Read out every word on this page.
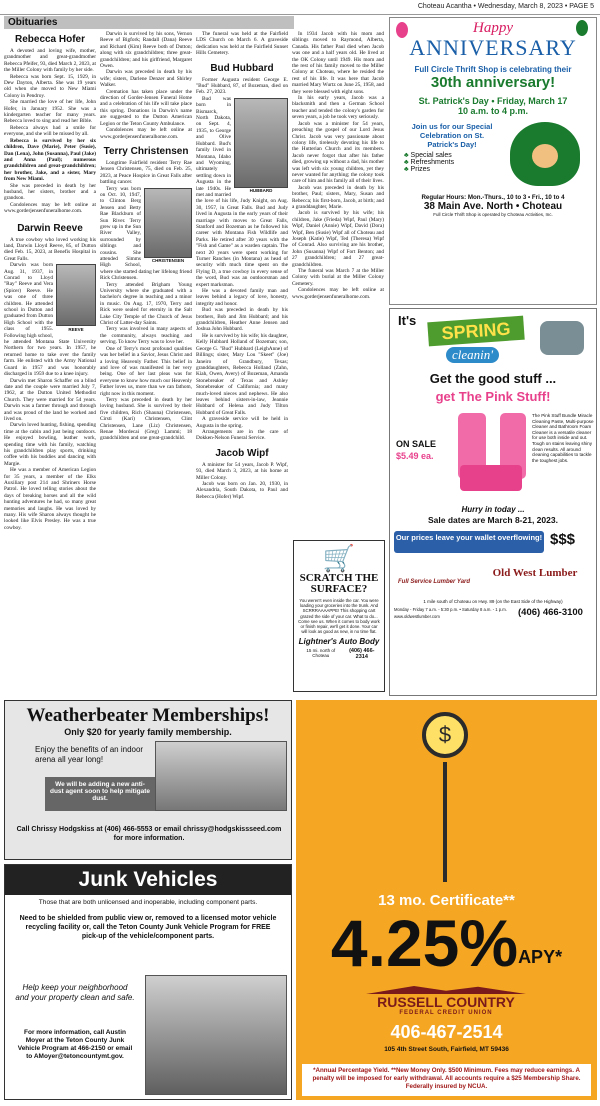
Choteau Acantha • Wednesday, March 8, 2023 • PAGE 5
Obituaries
Rebecca Hofer

A devoted and loving wife, mother, grandmother and great-grandmother Rebecca Pfeifer, 93, died March 2, 2023, at the Miller Colony with family by her side.

Rebecca was born Sept. 15, 1929, in Dew Dayton, Alberta. She was 19 years old when she moved to New Miami Colony in Pendroy.

She married the love of her life, John Hofer, in January 1952. She was a kindergarten teacher for many years. Rebecca loved to sing and read her Bible.

Rebecca always had a smile for everyone, and she will be missed by all.

Rebecca is survived by her six children, Dave (Marie), Peter (Susie), Dan (Lena), John (Susanna), Paul (Jake) and Anna (Paul); numerous grandchildren and great-grandchildren; her brother, Jake, and a sister, Mary from New Miami.

She was preceded in death by her husband, her sisters, brother and a grandson.

Condolences may be left online at www.gorderjensenfuneralhome.com.

Darwin Reeve

A true cowboy who loved working his land, Darwin Lloyd Reeve, 85, of Dutton died Feb. 15, 2023, at Benefis Hospital in Great Falls.

REEVE

Darwin was born Aug. 31, 1937, in Conrad to Lloyd "Ray" Reeve and Vera (Spicer) Reeve. He was one of three children. He attended school in Dutton and graduated from Dutton High School with the class of 1955. Following high school, he attended Montana State University Northern for two years. In 1957, he returned home to take over the family farm. He enlisted with the Army National Guard in 1957 and was honorably discharged in 1959 due to a knee injury.

Darwin met Sharon Schaffer on a blind date and the couple were married July 7, 1962, at the Dutton United Methodist Church. They were married for 54 years. Darwin was a farmer through and through and was proud of the land he worked and lived on.

Darwin loved hunting, fishing, spending time at the cabin and just being outdoors. He enjoyed bowling, leather work, spending time with his family, watching his grandchildren play sports, drinking coffee with his buddies and dancing with Margie.

He was a member of American Legion for 35 years, a member of the Elks Auxiliary post 214 and Shriners Horse Patrol. He loved telling stories about the days of breaking horses and all the wild hunting adventures he had, so many great memories and laughs. He was loved by many. His wife Sharon always thought he looked like Elvis Presley. He was a true cowboy.

Darwin is survived by his sons, Vernon Reeve of Bigfork; Randall (Dana) Reeve and Richard (Kim) Reeve both of Dutton; along with six grandchildren; three great-grandchildren; and his girlfriend, Margaret Owen.

Darwin was preceded in death by his wife; sisters, Darlene Denzer and Shirley Walker.

Cremation has taken place under the direction of Gorder-Jensen Funeral Home and a celebration of his life will take place this spring. Donations in Darwin's name are suggested to the Dutton American Legion or the Teton County Ambulance.

Condolences may be left online at www.gorderjensenfuneralhome.com.

Terry Christensen

Longtime Fairfield resident Terry Rae Jensen Christensen, 75, died on Feb. 25, 2023, at Peace Hospice in Great Falls after battling cancer.

CHRISTENSEN

Terry was born on Oct. 10, 1947, to Clinton Berg Jensen and Betty Rae Blackburn of Sun River. Terry grew up in the Sun River Valley, surrounded by siblings and cousins. She attended Simms High School, where she started dating her lifelong friend Rick Christensen.

Terry attended Brigham Young University where she graduated with a bachelor's degree in teaching and a minor in music. On Aug. 17, 1970, Terry and Rick were sealed for eternity in the Salt Lake City Temple of the Church of Jesus Christ of Latter-day Saints.

Terry was involved in many aspects of the community, always teaching and serving. To know Terry was to love her.

One of Terry's most profound qualities was her belief in a Savior, Jesus Christ and a loving Heavenly Father. This belief in and love of was manifested in her very being. One of her last pleas was for everyone to know how much our Heavenly Father loves us, more than we can fathom, right now in this moment.

Terry was preceded in death by her loving husband. She is survived by their five children, Rich (Shauna) Christensen, Cirsti (Kari) Christensen, Clint Christensen, Lane (Liz) Christensen, Renae Mordecai (Greg) Lammi; 18 grandchildren and one great-grandchild.

The funeral was held at the Fairfield LDS Church on March 6. A graveside dedication was held at the Fairfield Sunset Hills Cemetery.

Bud Hubbard

Former Augusta resident George E. "Bud" Hubbard, 87, of Bozeman, died on Feb. 27, 2023.

HUBBARD

Bud was born in Bismarck, North Dakota, on Sept. 4, 1935, to George and Olive Hubbard. Bud's family lived in Montana, Idaho and Wyoming, ultimately settling down in Augusta in the late 1940s. He met and married the love of his life, Judy Knight, on Aug. 30, 1957, in Great Falls. Bud and Judy lived in Augusta in the early years of their marriage with moves to Great Falls, Stanford and Bozeman as he followed his career with Montana Fish Wildlife and Parks. He retired after 30 years with the "Fish and Game" as a warden captain. The next 20 years were spent working for Turner Ranches (in Montana) as head of security with much time spent on the Flying D, a true cowboy in every sense of the word, Bud was an outdoorsman and expert marksman.

He was a devoted family man and leaves behind a legacy of love, honesty, integrity and honor.

Bud was preceded in death by his brothers, Bob and Jim Hubbard; and his grandchildren, Heather Anne Jensen and Joshua John Hubbard.

He is survived by his wife; his daughter, Kelly Hubbard Holland of Bozeman; son, George G. "Bud" Hubbard (LeighAnne) of Billings; sister, Mary Lou "Skeet" (Joe) Janeiro of Grandbury, Texas; granddaughters, Rebecca Holland (Zahn, Kiah, Owen, Avery) of Bozeman, Amanda Stonebreaker of Texas and Ashley Stonebreaker of California; and many much-loved nieces and nephews. He also leaves behind sisters-in-law, Jeannie Hubbard of Helena and Judy Tilton Hubbard of Great Falls.

A graveside service will be held in Augusta in the spring.

Arrangements are in the care of Dokken-Nelson Funeral Service.

Jacob Wipf

A minister for 54 years, Jacob P. Wipf, 93, died March 3, 2023, at his home at Miller Colony.

Jacob was born on Jan. 20, 1930, in Alexandria, South Dakota, to Paul and Rebecca (Hofer) Wipf.

In 1934 Jacob with his mom and siblings moved to Raymond, Alberta, Canada. His father Paul died when Jacob was one and a half years old. He lived at the OK Colony until 1949. His mom and the rest of his family moved to the Miller Colony at Choteau, where he resided the rest of his life. It was here that Jacob married Mary Wurtz on June 25, 1958, and they were blessed with eight sons.

In his early years, Jacob was a blacksmith and then a German School teacher and tended the colony's garden for seven years, a job he took very seriously.

Jacob was a minister for 54 years, preaching the gospel of our Lord Jesus Christ. Jacob was very passionate about colony life, tirelessly devoting his life to the Hutterian Church and its members. Jacob never forgot that after his father died, growing up without a dad, his mother was left with six young children, yet they never wanted for anything; the colony took care of him and his family all of their lives.

Jacob was preceded in death by his brother, Paul; sisters, Mary, Susan and Rebecca; his first-born, Jacob, at birth; and a granddaughter, Marie.

Jacob is survived by his wife; his children, Jake (Frieda) Wipf, Paul (Mary) Wipf, Daniel (Annie) Wipf, David (Dora) Wipf, Ben (Susie) Wipf all of Choteau and Joseph (Katie) Wipf, Ted (Theresa) Wipf of Conrad. Also surviving are his brother, John (Susanna) Wipf of Fort Benton; and 27 grandchildren; and 27 great-grandchildren.

The funeral was March 7 at the Miller Colony with burial at the Miller Colony Cemetery.

Condolences may be left online at www.gorderjensenfuneralhome.com.

🛒
SCRATCH THE SURFACE?
You weren't even inside the car. You were loading your groceries into the trunk. And SCRRRAAAAPPE! This shopping cart grazed the side of your car. What to do... Come see us. When it comes to body work or finish repair, we'll get it done. Your car will look as good as new, in no time flat.
Lightner's Auto Body
15 mi. north of Choteau
(406) 466-2314
Happy
ANNIVERSARY
Full Circle Thrift Shop is celebrating their
30th anniversary!
St. Patrick's Day • Friday, March 17
10 a.m. to 4 p.m.
Join us for our Special Celebration on St. Patrick's Day!
♣ Special sales
♣ Refreshments
♣ Prizes
Regular Hours: Mon.-Thurs., 10 to 3 • Fri., 10 to 4
38 Main Ave. North • Choteau
Full Circle Thrift Shop is operated by Choteau Activities, Inc.
It's	SPRING
cleanin'
Get the good stuff ...
get The Pink Stuff!
ON SALE
$5.49 ea.
The Pink Stuff Bundle Miracle Cleaning Paste, Multi-purpose Cleaner and Bathroom Foam Cleaner is a versatile cleaner for use both inside and out. Tough on stains leaving shiny clean results. All around cleaning capabilities to tackle the toughest jobs.
Hurry in today ...
Sale dates are March 8-21, 2023.
Our prices leave your wallet overflowing! $$$
Full Service Lumber Yard
Old West Lumber
1 mile south of Choteau on Hwy. 89 (on the East Side of the Highway)
Monday - Friday 7 a.m. - 5:30 p.m. • Saturday 8 a.m. - 1 p.m.
www.oldwestlumber.com	(406) 466-3100
Weatherbeater Memberships!
Only $20 for yearly family membership.
Enjoy the benefits of an indoor arena all year long!
We will be adding a new anti-dust agent soon to help mitigate dust.
Call Chrissy Hodgskiss at (406) 466-5553 or email chrissy@hodgskissseed.com for more information.
Junk Vehicles
Those that are both unlicensed and inoperable, including component parts.
Need to be shielded from public view or, removed to a licensed motor vehicle recycling facility or, call the Teton County Junk Vehicle Program for FREE pick-up of the vehicle/component parts.
Help keep your neighborhood and your property clean and safe.
For more information, call Austin Moyer at the Teton County Junk Vehicle Program at 466-2150 or email to AMoyer@tetoncountymt.gov.
$
13 mo. Certificate**
4.25% APY*
RUSSELL COUNTRY
FEDERAL CREDIT UNION
406-467-2514
105 4th Street South, Fairfield, MT 59436
*Annual Percentage Yield. **New Money Only. $500 Minimum. Fees may reduce earnings. A penalty will be imposed for early withdrawal. All accounts require a $25 Membership Share. Federally insured by NCUA.
